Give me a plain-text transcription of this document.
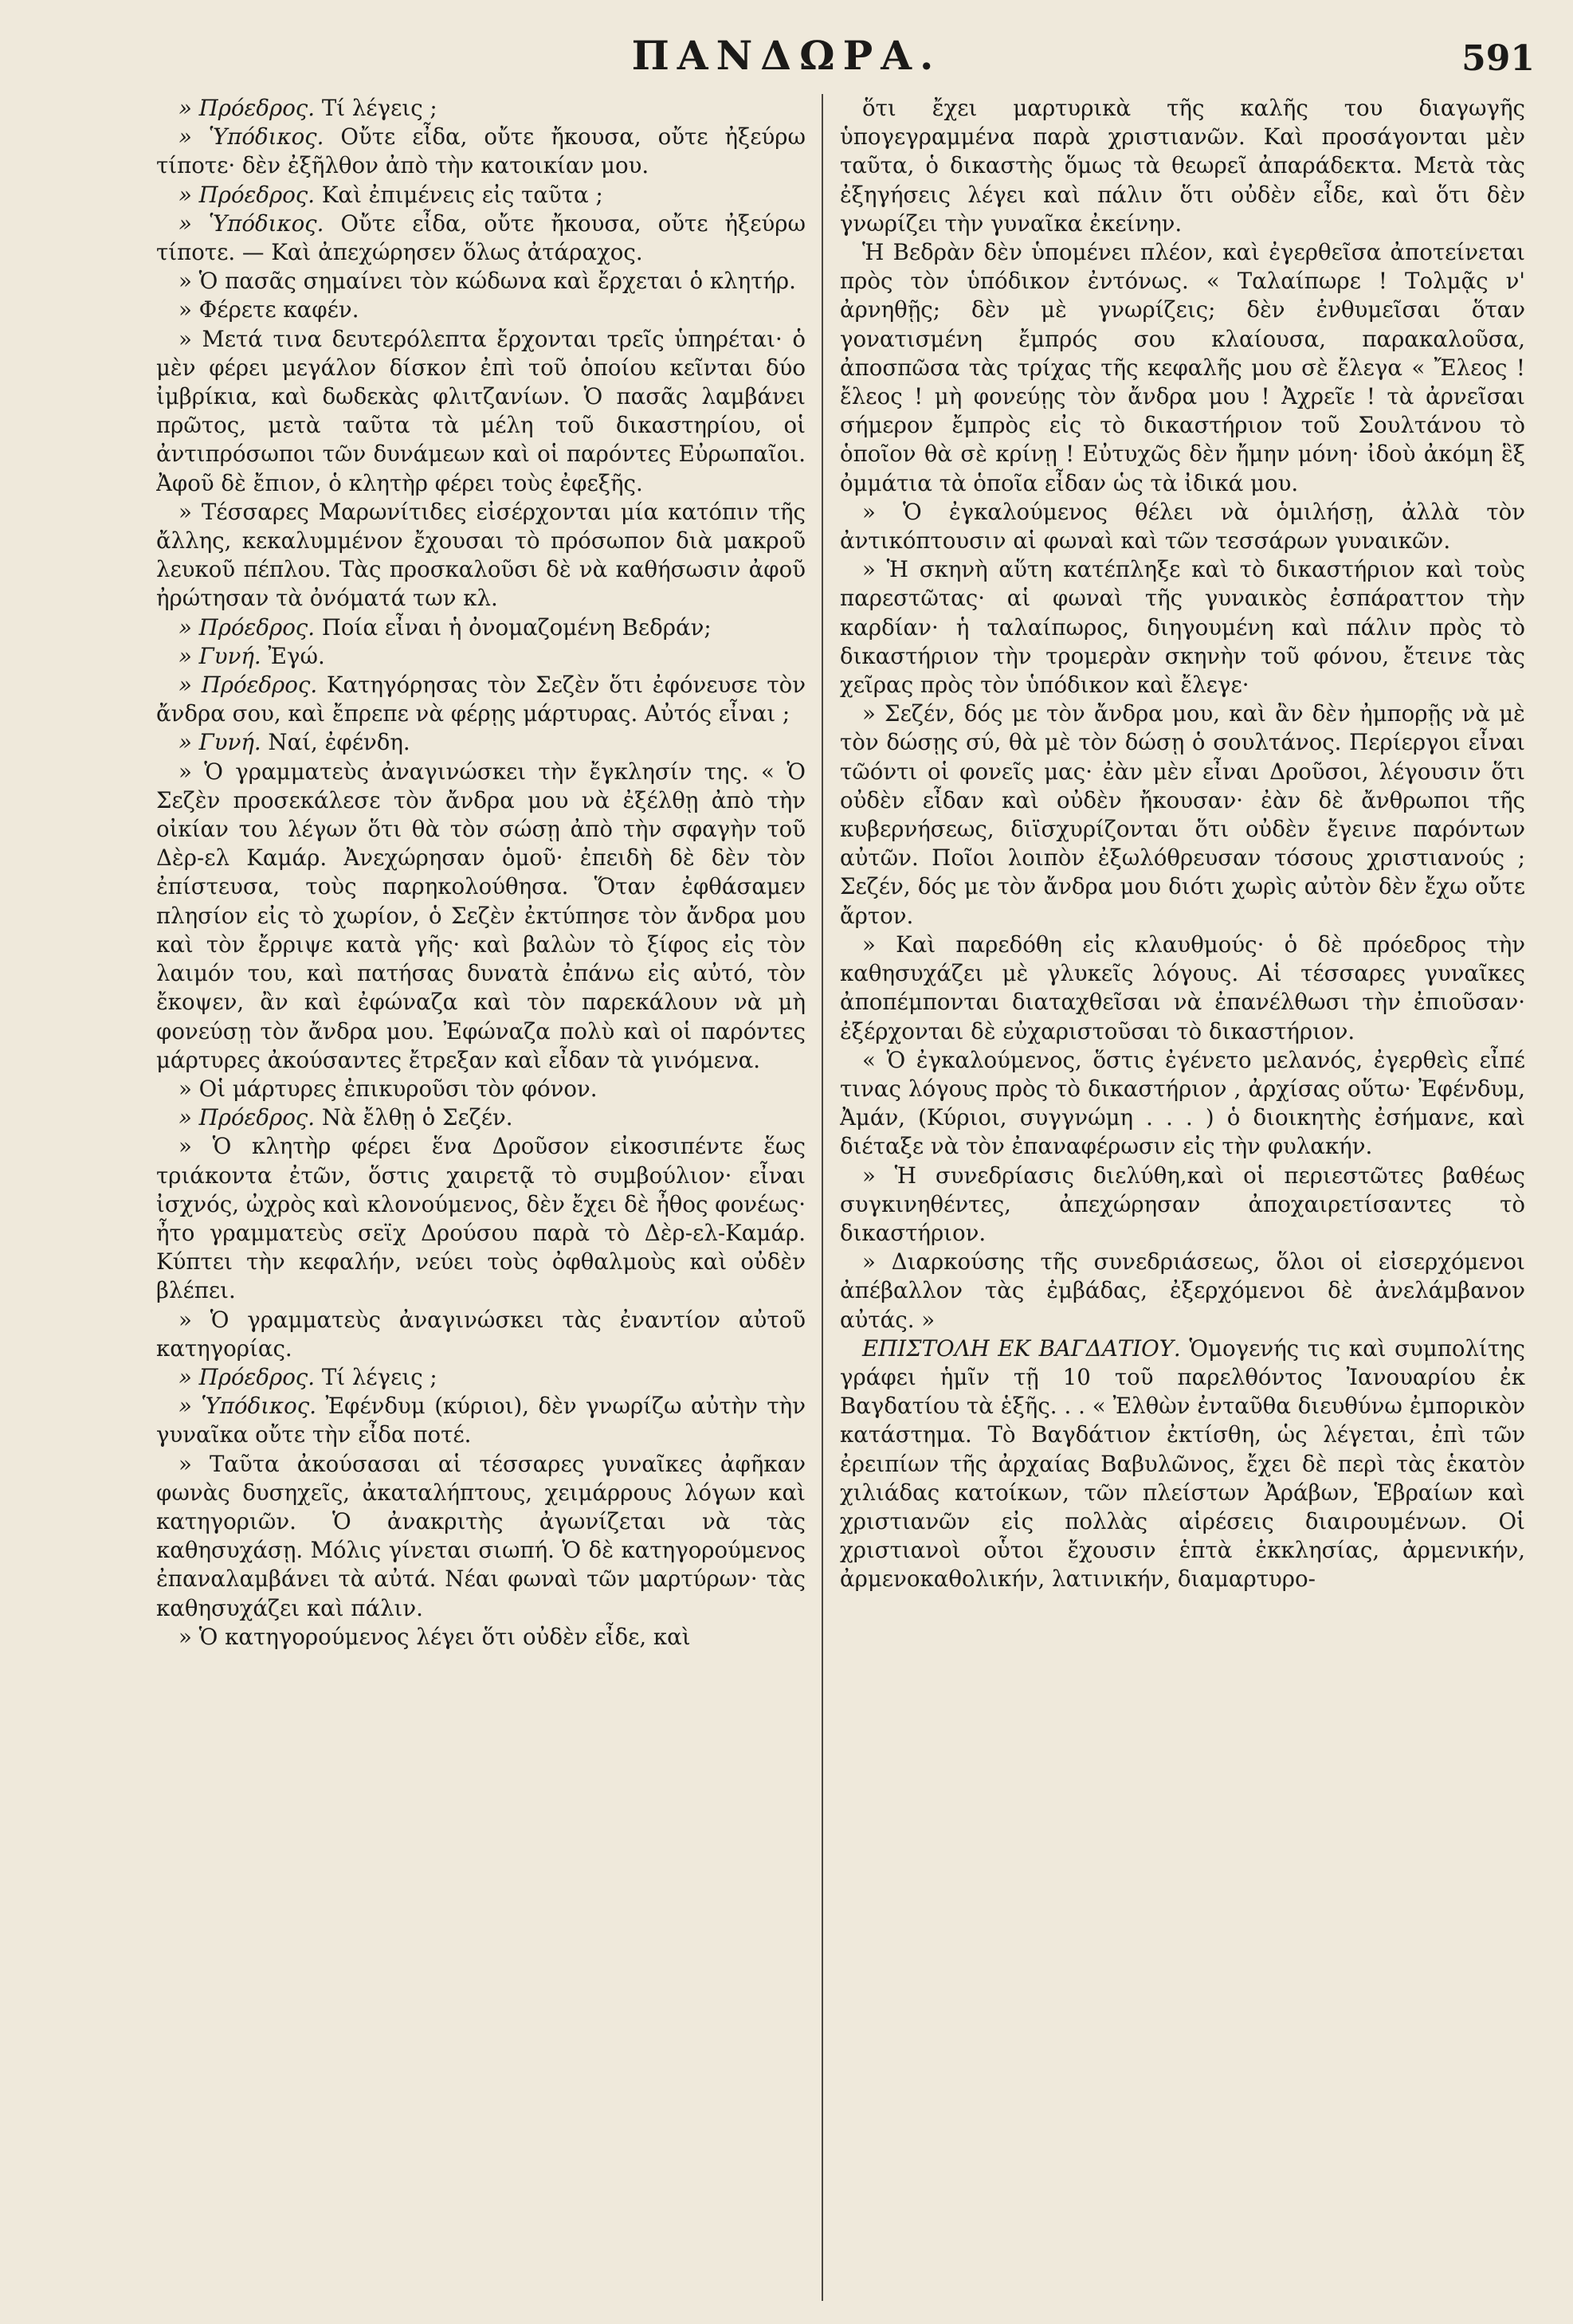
ΠΑΝΔΩΡΑ.	591

» Πρόεδρος. Τί λέγεις ;

» Ὑπόδικος. Οὔτε εἶδα, οὔτε ἤκουσα, οὔτε ἠξεύρω τίποτε· δὲν ἐξῆλθον ἀπὸ τὴν κατοικίαν μου.

» Πρόεδρος. Καὶ ἐπιμένεις εἰς ταῦτα ;

» Ὑπόδικος. Οὔτε εἶδα, οὔτε ἤκουσα, οὔτε ἠξεύρω τίποτε. — Καὶ ἀπεχώρησεν ὅλως ἀτάραχος.

» Ὁ πασᾶς σημαίνει τὸν κώδωνα καὶ ἔρχεται ὁ κλητήρ.

» Φέρετε καφέν.

» Μετά τινα δευτερόλεπτα ἔρχονται τρεῖς ὑπηρέται· ὁ μὲν φέρει μεγάλον δίσκον ἐπὶ τοῦ ὁποίου κεῖνται δύο ἰμβρίκια, καὶ δωδεκὰς φλιτζανίων. Ὁ πασᾶς λαμβάνει πρῶτος, μετὰ ταῦτα τὰ μέλη τοῦ δικαστηρίου, οἱ ἀντιπρόσωποι τῶν δυνάμεων καὶ οἱ παρόντες Εὐρωπαῖοι. Ἀφοῦ δὲ ἔπιον, ὁ κλητὴρ φέρει τοὺς ἐφεξῆς.

» Τέσσαρες Μαρωνίτιδες εἰσέρχονται μία κατόπιν τῆς ἄλλης, κεκαλυμμένον ἔχουσαι τὸ πρόσωπον διὰ μακροῦ λευκοῦ πέπλου. Τὰς προσκαλοῦσι δὲ νὰ καθήσωσιν ἀφοῦ ἠρώτησαν τὰ ὀνόματά των κλ.

» Πρόεδρος. Ποία εἶναι ἡ ὀνομαζομένη Βεδράν;

» Γυνή. Ἐγώ.

» Πρόεδρος. Κατηγόρησας τὸν Σεζὲν ὅτι ἐφόνευσε τὸν ἄνδρα σου, καὶ ἔπρεπε νὰ φέρῃς μάρτυρας. Αὐτός εἶναι ;

» Γυνή. Ναί, ἐφένδη.

» Ὁ γραμματεὺς ἀναγινώσκει τὴν ἔγκλησίν της. « Ὁ Σεζὲν προσεκάλεσε τὸν ἄνδρα μου νὰ ἐξέλθῃ ἀπὸ τὴν οἰκίαν του λέγων ὅτι θὰ τὸν σώσῃ ἀπὸ τὴν σφαγὴν τοῦ Δὲρ-ελ Καμάρ. Ἀνεχώρησαν ὁμοῦ· ἐπειδὴ δὲ δὲν τὸν ἐπίστευσα, τοὺς παρηκολούθησα. Ὅταν ἐφθάσαμεν πλησίον εἰς τὸ χωρίον, ὁ Σεζὲν ἐκτύπησε τὸν ἄνδρα μου καὶ τὸν ἔρριψε κατὰ γῆς· καὶ βαλὼν τὸ ξίφος εἰς τὸν λαιμόν του, καὶ πατήσας δυνατὰ ἐπάνω εἰς αὐτό, τὸν ἔκοψεν, ἂν καὶ ἐφώναζα καὶ τὸν παρεκάλουν νὰ μὴ φονεύσῃ τὸν ἄνδρα μου. Ἐφώναζα πολὺ καὶ οἱ παρόντες μάρτυρες ἀκούσαντες ἔτρεξαν καὶ εἶδαν τὰ γινόμενα.

» Οἱ μάρτυρες ἐπικυροῦσι τὸν φόνον.

» Πρόεδρος. Νὰ ἔλθῃ ὁ Σεζέν.

» Ὁ κλητὴρ φέρει ἕνα Δροῦσον εἰκοσιπέντε ἕως τριάκοντα ἐτῶν, ὅστις χαιρετᾷ τὸ συμβούλιον· εἶναι ἰσχνός, ὠχρὸς καὶ κλονούμενος, δὲν ἔχει δὲ ἦθος φονέως· ἦτο γραμματεὺς σεϊχ Δρούσου παρὰ τὸ Δὲρ-ελ-Καμάρ. Κύπτει τὴν κεφαλήν, νεύει τοὺς ὀφθαλμοὺς καὶ οὐδὲν βλέπει.

» Ὁ γραμματεὺς ἀναγινώσκει τὰς ἐναντίον αὐτοῦ κατηγορίας.

» Πρόεδρος. Τί λέγεις ;

» Ὑπόδικος. Ἐφένδυμ (κύριοι), δὲν γνωρίζω αὐτὴν τὴν γυναῖκα οὔτε τὴν εἶδα ποτέ.

» Ταῦτα ἀκούσασαι αἱ τέσσαρες γυναῖκες ἀφῆκαν φωνὰς δυσηχεῖς, ἀκαταλήπτους, χειμάρρους λόγων καὶ κατηγοριῶν. Ὁ ἀνακριτὴς ἀγωνίζεται νὰ τὰς καθησυχάσῃ. Μόλις γίνεται σιωπή. Ὁ δὲ κατηγορούμενος ἐπαναλαμβάνει τὰ αὐτά. Νέαι φωναὶ τῶν μαρτύρων· τὰς καθησυχάζει καὶ πάλιν.

» Ὁ κατηγορούμενος λέγει ὅτι οὐδὲν εἶδε, καὶ

ὅτι ἔχει μαρτυρικὰ τῆς καλῆς του διαγωγῆς ὑπογεγραμμένα παρὰ χριστιανῶν. Καὶ προσάγονται μὲν ταῦτα, ὁ δικαστὴς ὅμως τὰ θεωρεῖ ἀπαράδεκτα. Μετὰ τὰς ἐξηγήσεις λέγει καὶ πάλιν ὅτι οὐδὲν εἶδε, καὶ ὅτι δὲν γνωρίζει τὴν γυναῖκα ἐκείνην.

Ἡ Βεδρὰν δὲν ὑπομένει πλέον, καὶ ἐγερθεῖσα ἀποτείνεται πρὸς τὸν ὑπόδικον ἐντόνως. « Ταλαίπωρε ! Τολμᾷς ν' ἀρνηθῇς; δὲν μὲ γνωρίζεις; δὲν ἐνθυμεῖσαι ὅταν γονατισμένη ἔμπρός σου κλαίουσα, παρακαλοῦσα, ἀποσπῶσα τὰς τρίχας τῆς κεφαλῆς μου σὲ ἔλεγα « Ἔλεος ! ἔλεος ! μὴ φονεύῃς τὸν ἄνδρα μου ! Ἀχρεῖε ! τὰ ἀρνεῖσαι σήμερον ἔμπρὸς εἰς τὸ δικαστήριον τοῦ Σουλτάνου τὸ ὁποῖον θὰ σὲ κρίνῃ ! Εὐτυχῶς δὲν ἤμην μόνη· ἰδοὺ ἀκόμη ἓξ ὀμμάτια τὰ ὁποῖα εἶδαν ὡς τὰ ἰδικά μου.

» Ὁ ἐγκαλούμενος θέλει νὰ ὁμιλήσῃ, ἀλλὰ τὸν ἀντικόπτουσιν αἱ φωναὶ καὶ τῶν τεσσάρων γυναικῶν.

» Ἡ σκηνὴ αὕτη κατέπληξε καὶ τὸ δικαστήριον καὶ τοὺς παρεστῶτας· αἱ φωναὶ τῆς γυναικὸς ἐσπάραττον τὴν καρδίαν· ἡ ταλαίπωρος, διηγουμένη καὶ πάλιν πρὸς τὸ δικαστήριον τὴν τρομερὰν σκηνὴν τοῦ φόνου, ἔτεινε τὰς χεῖρας πρὸς τὸν ὑπόδικον καὶ ἔλεγε·

» Σεζέν, δός με τὸν ἄνδρα μου, καὶ ἂν δὲν ἠμπορῇς νὰ μὲ τὸν δώσῃς σύ, θὰ μὲ τὸν δώσῃ ὁ σουλτάνος. Περίεργοι εἶναι τῶόντι οἱ φονεῖς μας· ἐὰν μὲν εἶναι Δροῦσοι, λέγουσιν ὅτι οὐδὲν εἶδαν καὶ οὐδὲν ἤκουσαν· ἐὰν δὲ ἄνθρωποι τῆς κυβερνήσεως, διϊσχυρίζονται ὅτι οὐδὲν ἔγεινε παρόντων αὐτῶν. Ποῖοι λοιπὸν ἐξωλόθρευσαν τόσους χριστιανούς ; Σεζέν, δός με τὸν ἄνδρα μου διότι χωρὶς αὐτὸν δὲν ἔχω οὔτε ἄρτον.

» Καὶ παρεδόθη εἰς κλαυθμούς· ὁ δὲ πρόεδρος τὴν καθησυχάζει μὲ γλυκεῖς λόγους. Αἱ τέσσαρες γυναῖκες ἀποπέμπονται διαταχθεῖσαι νὰ ἐπανέλθωσι τὴν ἐπιοῦσαν· ἐξέρχονται δὲ εὐχαριστοῦσαι τὸ δικαστήριον.

« Ὁ ἐγκαλούμενος, ὅστις ἐγένετο μελανός, ἐγερθεὶς εἶπέ τινας λόγους πρὸς τὸ δικαστήριον , ἀρχίσας οὕτω· Ἐφένδυμ, Ἀμάν, (Κύριοι, συγγνώμη . . . ) ὁ διοικητὴς ἐσήμανε, καὶ διέταξε νὰ τὸν ἐπαναφέρωσιν εἰς τὴν φυλακήν.

» Ἡ συνεδρίασις διελύθη,καὶ οἱ περιεστῶτες βαθέως συγκινηθέντες, ἀπεχώρησαν ἀποχαιρετίσαντες τὸ δικαστήριον.

» Διαρκούσης τῆς συνεδριάσεως, ὅλοι οἱ εἰσερχόμενοι ἀπέβαλλον τὰς ἐμβάδας, ἐξερχόμενοι δὲ ἀνελάμβανον αὐτάς. »

ΕΠΙΣΤΟΛΗ ΕΚ ΒΑΓΔΑΤΙΟΥ. Ὁμογενής τις καὶ συμπολίτης γράφει ἡμῖν τῇ 10 τοῦ παρελθόντος Ἰανουαρίου ἐκ Βαγδατίου τὰ ἑξῆς. . . « Ἐλθὼν ἐνταῦθα διευθύνω ἐμπορικὸν κατάστημα. Τὸ Βαγδάτιον ἐκτίσθη, ὡς λέγεται, ἐπὶ τῶν ἐρειπίων τῆς ἀρχαίας Βαβυλῶνος, ἔχει δὲ περὶ τὰς ἑκατὸν χιλιάδας κατοίκων, τῶν πλείστων Ἀράβων, Ἑβραίων καὶ χριστιανῶν εἰς πολλὰς αἱρέσεις διαιρουμένων. Οἱ χριστιανοὶ οὗτοι ἔχουσιν ἑπτὰ ἐκκλησίας, ἀρμενικήν, ἀρμενοκαθολικήν, λατινικήν, διαμαρτυρο-
